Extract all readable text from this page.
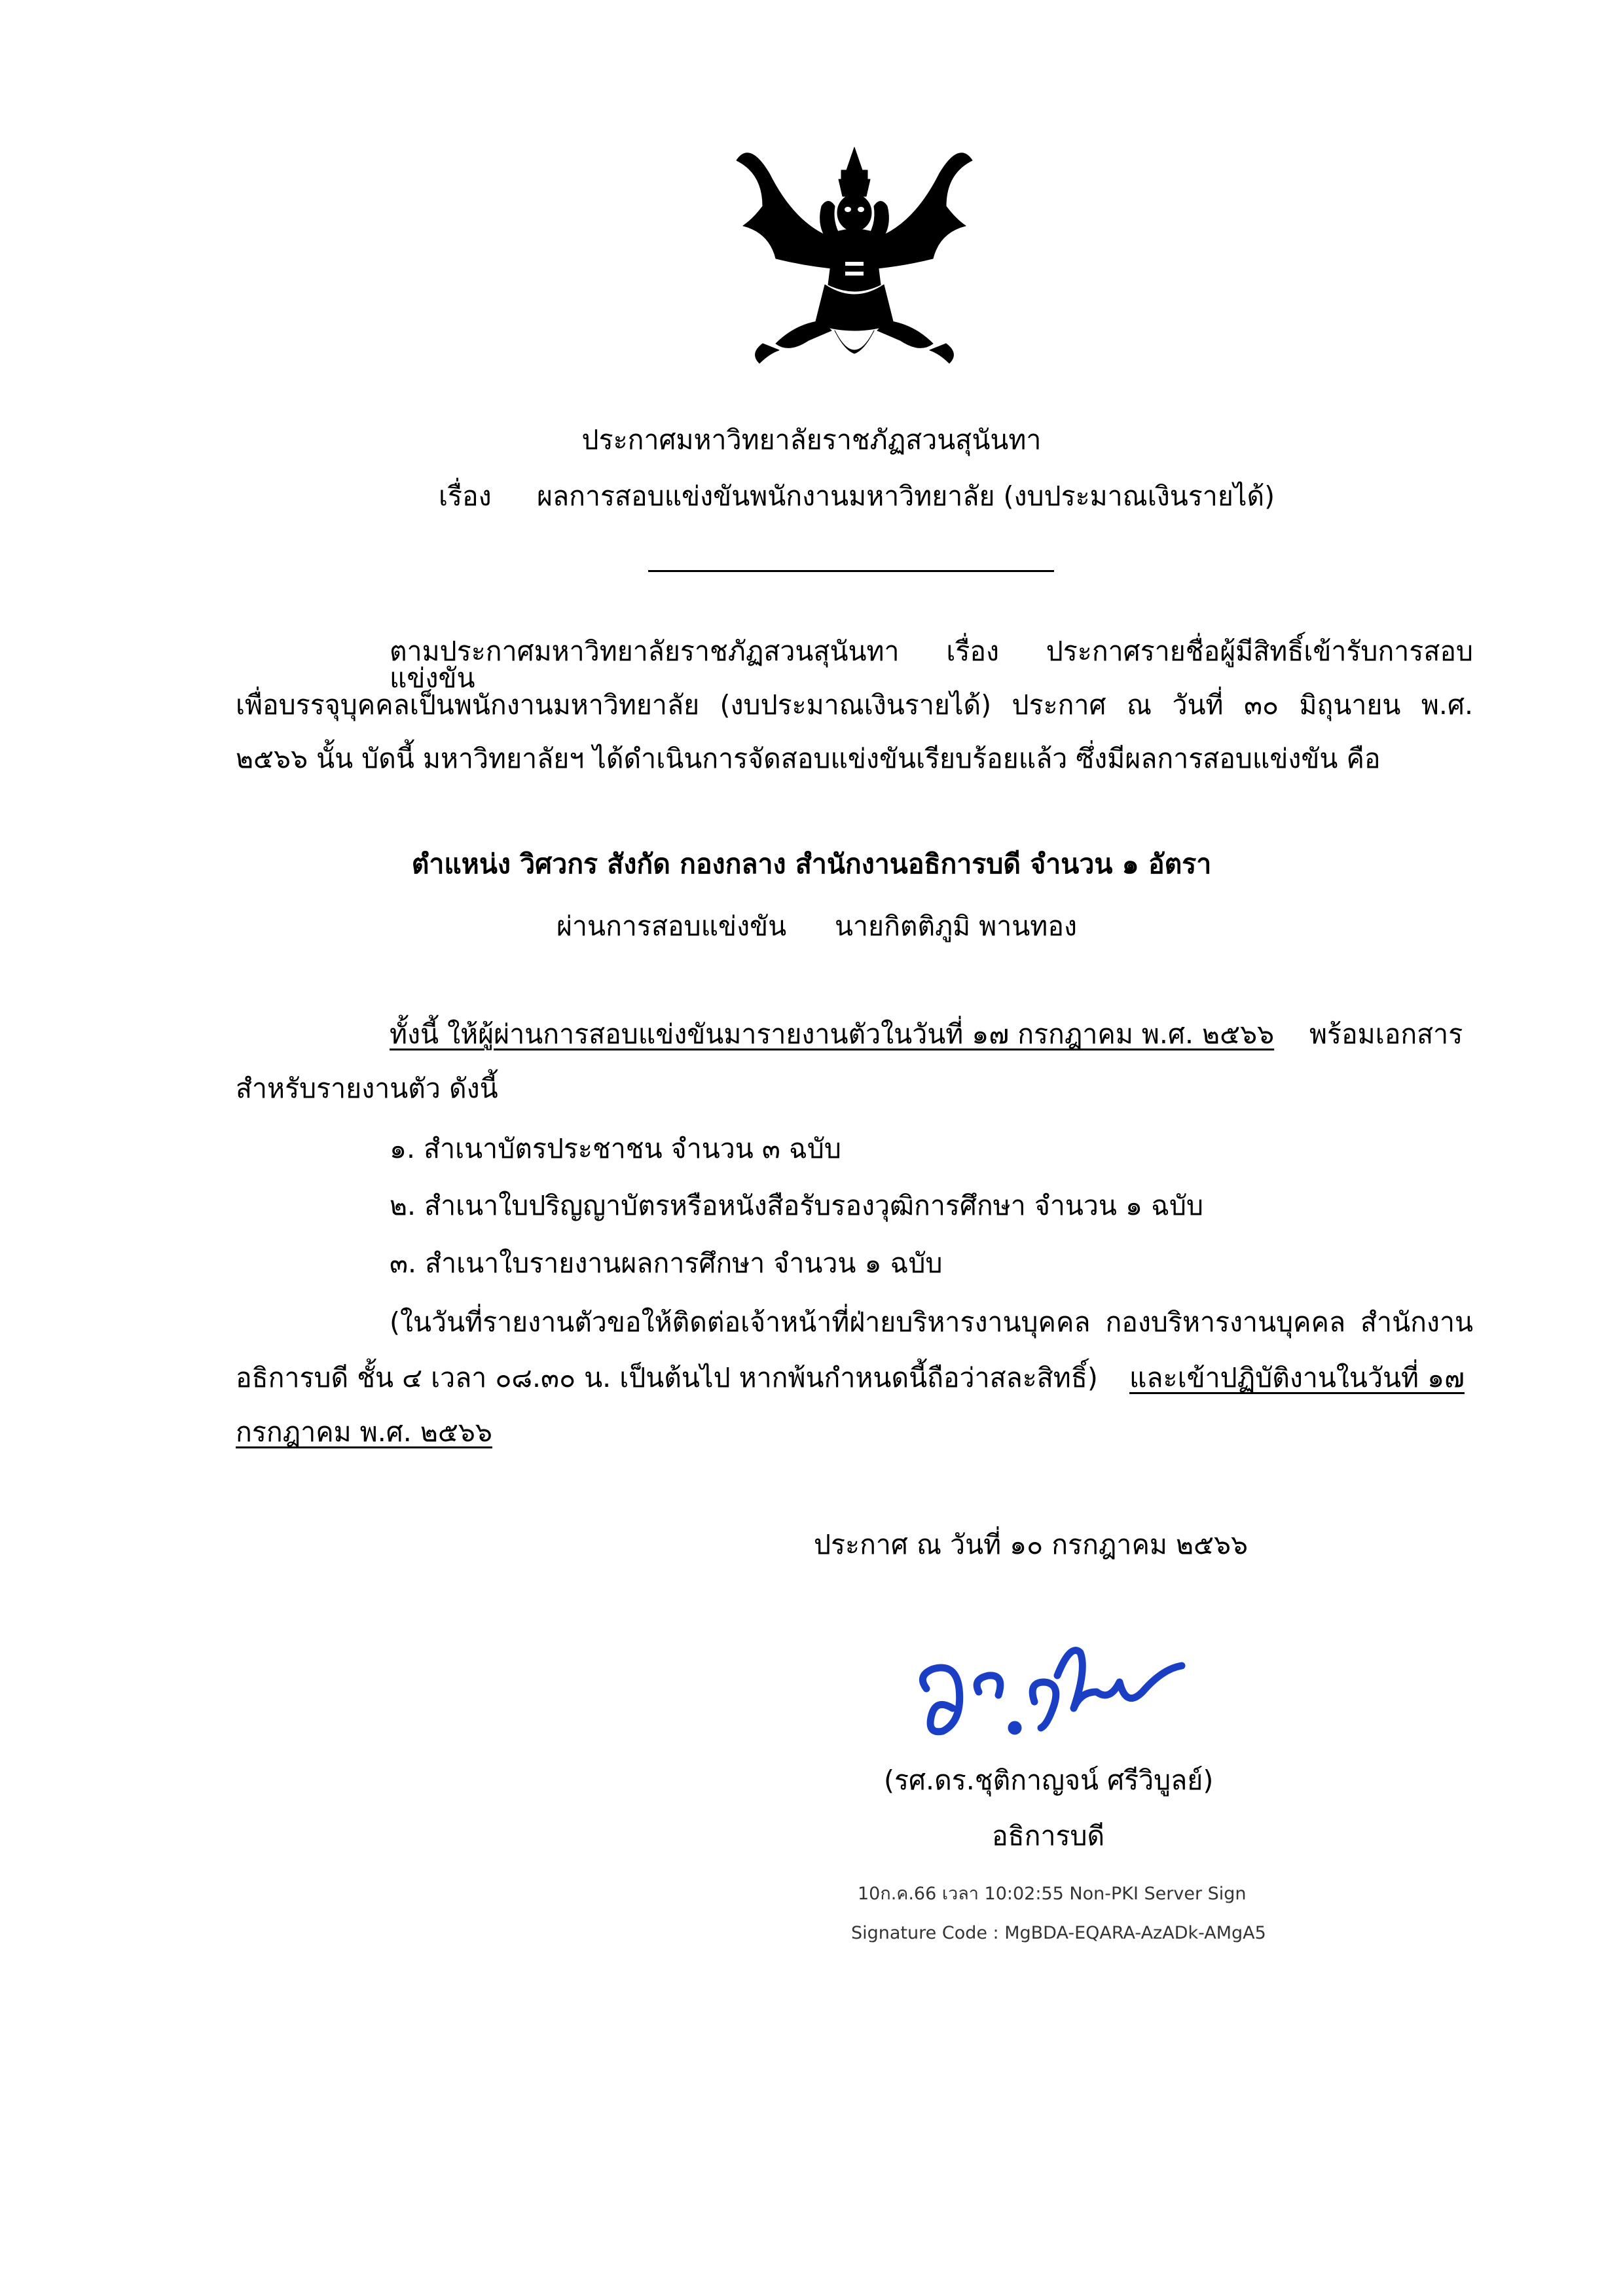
ประกาศมหาวิทยาลัยราชภัฏสวนสุนันทา
เรื่อง ผลการสอบแข่งขันพนักงานมหาวิทยาลัย (งบประมาณเงินรายได้)
ตามประกาศมหาวิทยาลัยราชภัฏสวนสุนันทา เรื่อง ประกาศรายชื่อผู้มีสิทธิ์เข้ารับการสอบแข่งขัน
เพื่อบรรจุบุคคลเป็นพนักงานมหาวิทยาลัย (งบประมาณเงินรายได้) ประกาศ ณ วันที่ ๓๐ มิถุนายน พ.ศ.
๒๕๖๖ นั้น บัดนี้ มหาวิทยาลัยฯ ได้ดำเนินการจัดสอบแข่งขันเรียบร้อยแล้ว ซึ่งมีผลการสอบแข่งขัน คือ
ตำแหน่ง วิศวกร สังกัด กองกลาง สำนักงานอธิการบดี จำนวน ๑ อัตรา
ผ่านการสอบแข่งขัน นายกิตติภูมิ พานทอง
ทั้งนี้ ให้ผู้ผ่านการสอบแข่งขันมารายงานตัวในวันที่ ๑๗ กรกฎาคม พ.ศ. ๒๕๖๖ พร้อมเอกสาร
สำหรับรายงานตัว ดังนี้
๑. สำเนาบัตรประชาชน จำนวน ๓ ฉบับ
๒. สำเนาใบปริญญาบัตรหรือหนังสือรับรองวุฒิการศึกษา จำนวน ๑ ฉบับ
๓. สำเนาใบรายงานผลการศึกษา จำนวน ๑ ฉบับ
(ในวันที่รายงานตัวขอให้ติดต่อเจ้าหน้าที่ฝ่ายบริหารงานบุคคล กองบริหารงานบุคคล สำนักงาน
อธิการบดี ชั้น ๔ เวลา ๐๘.๓๐ น. เป็นต้นไป หากพ้นกำหนดนี้ถือว่าสละสิทธิ์) และเข้าปฏิบัติงานในวันที่ ๑๗
กรกฎาคม พ.ศ. ๒๕๖๖
ประกาศ ณ วันที่ ๑๐ กรกฎาคม ๒๕๖๖
(รศ.ดร.ชุติกาญจน์ ศรีวิบูลย์)
อธิการบดี
10ก.ค.66 เวลา 10:02:55 Non-PKI Server Sign
Signature Code : MgBDA-EQARA-AzADk-AMgA5
